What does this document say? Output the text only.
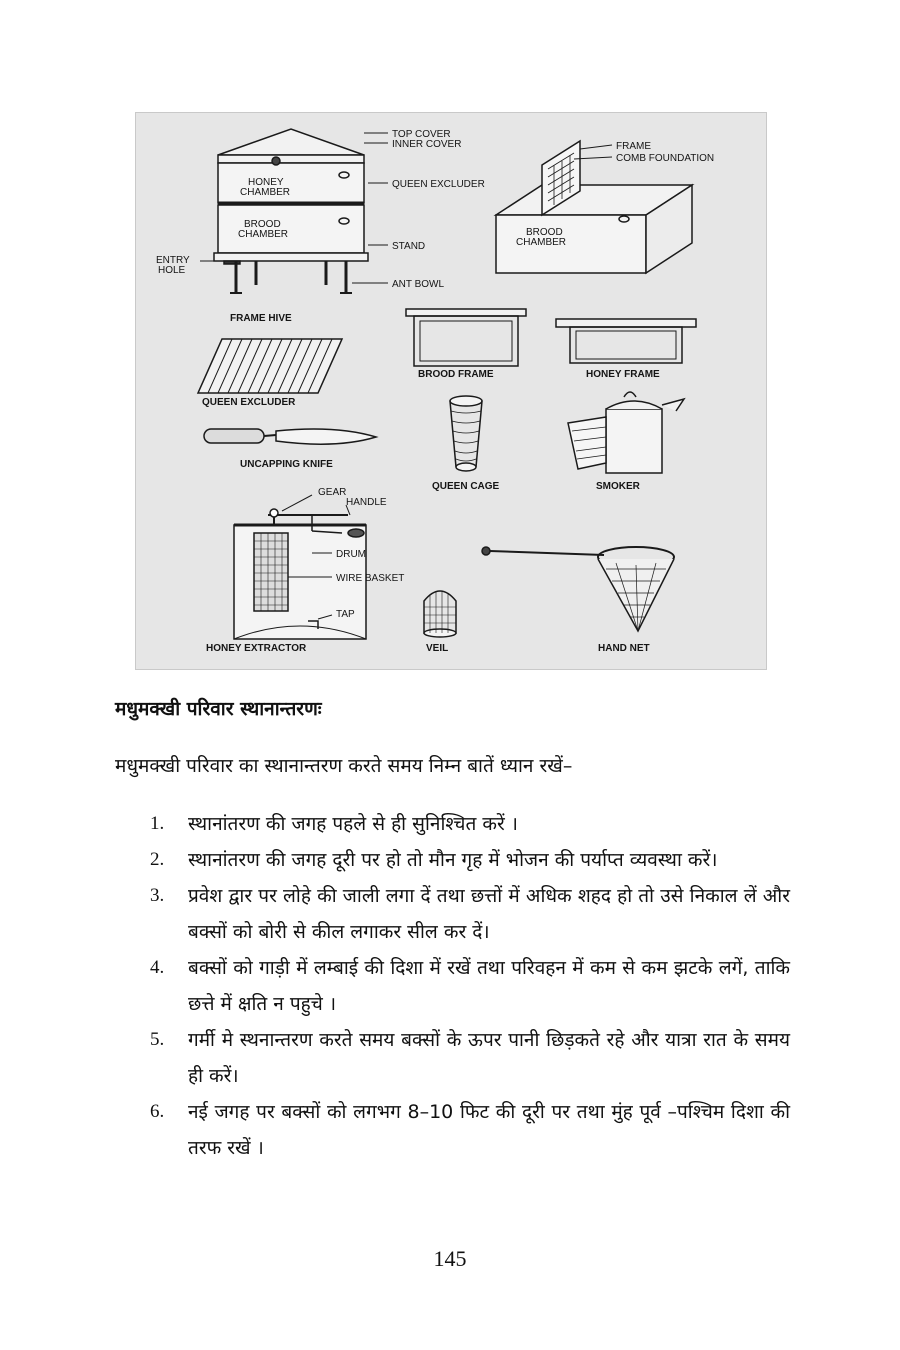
TOP COVER
INNER COVER
HONEY
CHAMBER
QUEEN EXCLUDER
BROOD
CHAMBER
STAND
ENTRY
HOLE
ANT BOWL
FRAME HIVE
FRAME
COMB FOUNDATION
BROOD
CHAMBER
QUEEN EXCLUDER
BROOD FRAME	HONEY FRAME
UNCAPPING KNIFE
QUEEN CAGE	SMOKER
GEAR
HANDLE
DRUM
WIRE BASKET
TAP
HONEY EXTRACTOR	VEIL	HAND NET
मधुमक्खी परिवार स्थानान्तरणः

मधुमक्खी परिवार का स्थानान्तरण करते समय निम्न बातें ध्यान रखें–

1. स्थानांतरण की जगह पहले से ही सुनिश्चित करें ।
2. स्थानांतरण की जगह दूरी पर हो तो मौन गृह में भोजन की पर्याप्त व्यवस्था करें।
3. प्रवेश द्वार पर लोहे की जाली लगा दें तथा छत्तों में अधिक शहद हो तो उसे निकाल लें और बक्सों को बोरी से कील लगाकर सील कर दें।
4. बक्सों को गाड़ी में लम्बाई की दिशा में रखें तथा परिवहन में कम से कम झटके लगें, ताकि छत्ते में क्षति न पहुचे ।
5. गर्मी मे स्थनान्तरण करते समय बक्सों के ऊपर पानी छिड़कते रहे और यात्रा रात के समय ही करें।
6. नई जगह पर बक्सों को लगभग 8–10 फिट की दूरी पर तथा मुंह पूर्व –पश्चिम दिशा की तरफ रखें ।
145
